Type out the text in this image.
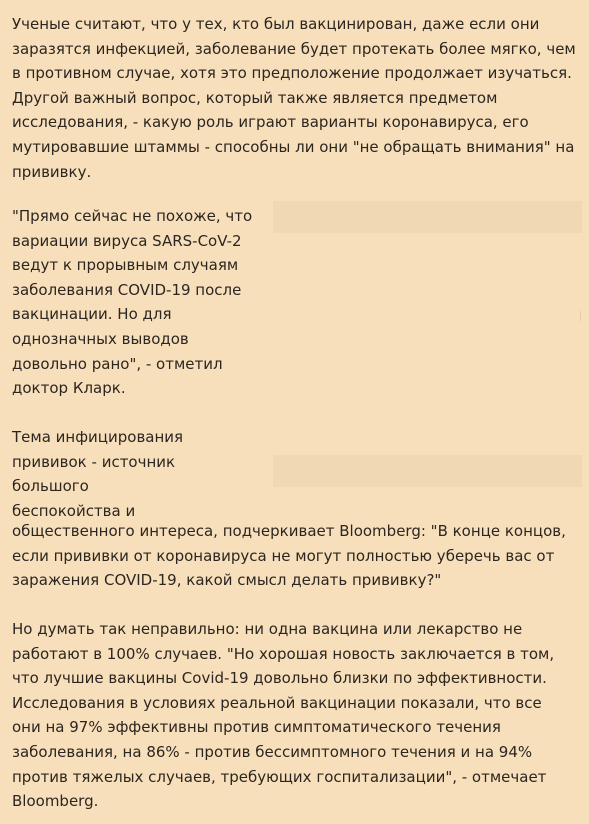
Ученые считают, что у тех, кто был вакцинирован, даже если они заразятся инфекцией, заболевание будет протекать более мягко, чем в противном случае, хотя это предположение продолжает изучаться. Другой важный вопрос, который также является предметом исследования, - какую роль играют варианты коронавируса, его мутировавшие штаммы - способны ли они "не обращать внимания" на прививку.

"Прямо сейчас не похоже, что вариации вируса SARS-CoV-2 ведут к прорывным случаям заболевания COVID-19 после вакцинации. Но для однозначных выводов довольно рано", - отметил доктор Кларк.

Тема инфицирования прививок - источник большого беспокойства и

общественного интереса, подчеркивает Bloomberg: "В конце концов, если прививки от коронавируса не могут полностью уберечь вас от заражения COVID-19, какой смысл делать прививку?"

Но думать так неправильно: ни одна вакцина или лекарство не работают в 100% случаев. "Но хорошая новость заключается в том, что лучшие вакцины Covid-19 довольно близки по эффективности. Исследования в условиях реальной вакцинации показали, что все они на 97% эффективны против симптоматического течения заболевания, на 86% - против бессимптомного течения и на 94% против тяжелых случаев, требующих госпитализации", - отмечает Bloomberg.
